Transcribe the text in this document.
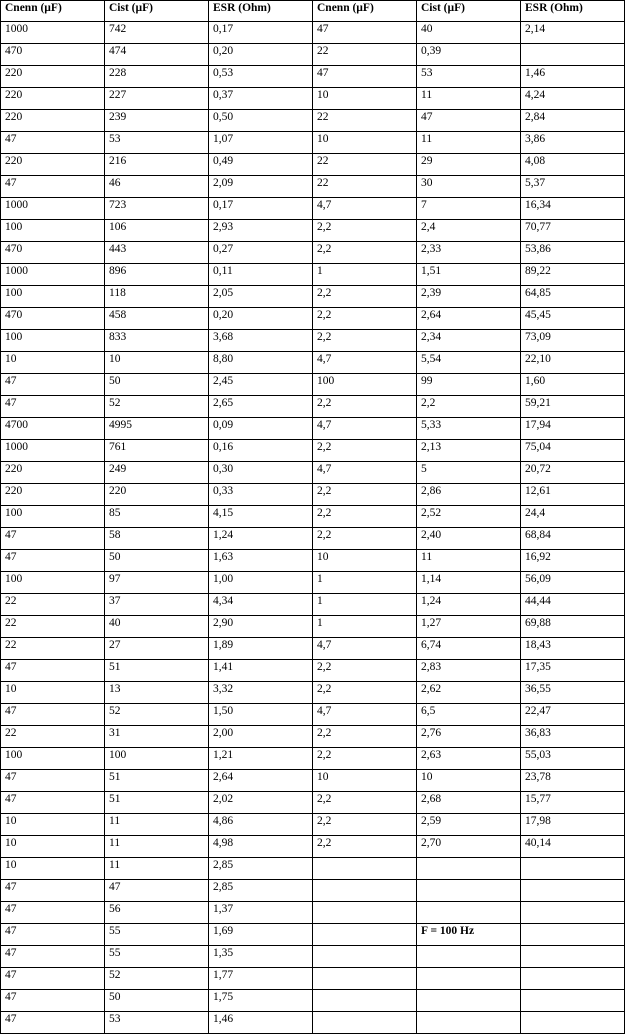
Cnenn (µF)	Cist (µF)	ESR (Ohm)	Cnenn (µF)	Cist (µF)	ESR (Ohm)
1000	742	0,17	47	40	2,14
470	474	0,20	22	0,39	
220	228	0,53	47	53	1,46
220	227	0,37	10	11	4,24
220	239	0,50	22	47	2,84
47	53	1,07	10	11	3,86
220	216	0,49	22	29	4,08
47	46	2,09	22	30	5,37
1000	723	0,17	4,7	7	16,34
100	106	2,93	2,2	2,4	70,77
470	443	0,27	2,2	2,33	53,86
1000	896	0,11	1	1,51	89,22
100	118	2,05	2,2	2,39	64,85
470	458	0,20	2,2	2,64	45,45
100	833	3,68	2,2	2,34	73,09
10	10	8,80	4,7	5,54	22,10
47	50	2,45	100	99	1,60
47	52	2,65	2,2	2,2	59,21
4700	4995	0,09	4,7	5,33	17,94
1000	761	0,16	2,2	2,13	75,04
220	249	0,30	4,7	5	20,72
220	220	0,33	2,2	2,86	12,61
100	85	4,15	2,2	2,52	24,4
47	58	1,24	2,2	2,40	68,84
47	50	1,63	10	11	16,92
100	97	1,00	1	1,14	56,09
22	37	4,34	1	1,24	44,44
22	40	2,90	1	1,27	69,88
22	27	1,89	4,7	6,74	18,43
47	51	1,41	2,2	2,83	17,35
10	13	3,32	2,2	2,62	36,55
47	52	1,50	4,7	6,5	22,47
22	31	2,00	2,2	2,76	36,83
100	100	1,21	2,2	2,63	55,03
47	51	2,64	10	10	23,78
47	51	2,02	2,2	2,68	15,77
10	11	4,86	2,2	2,59	17,98
10	11	4,98	2,2	2,70	40,14
10	11	2,85			
47	47	2,85			
47	56	1,37			
47	55	1,69		F = 100 Hz	
47	55	1,35			
47	52	1,77			
47	50	1,75			
47	53	1,46			
